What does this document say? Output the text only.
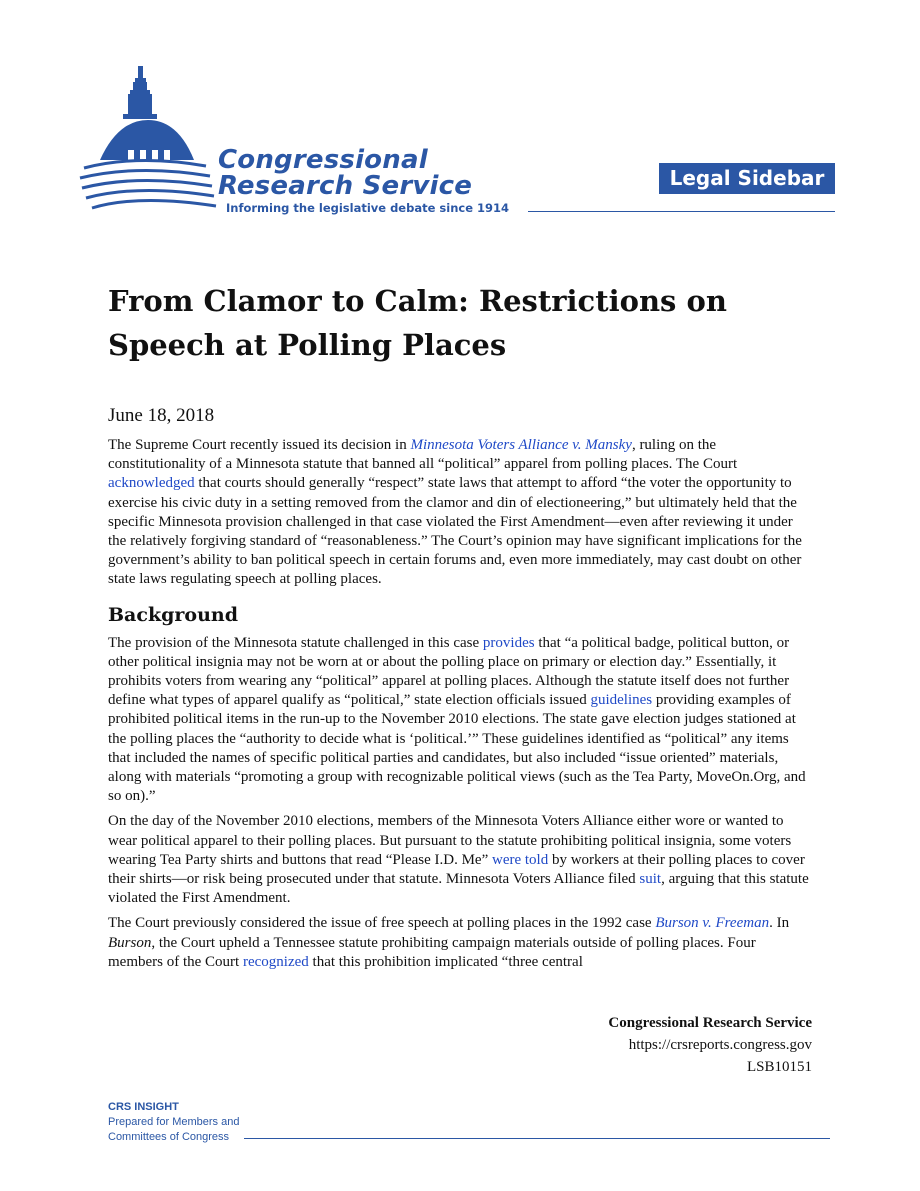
Congressional
Research Service
Informing the legislative debate since 1914
Legal Sidebar
From Clamor to Calm: Restrictions on Speech at Polling Places

June 18, 2018

The Supreme Court recently issued its decision in Minnesota Voters Alliance v. Mansky, ruling on the constitutionality of a Minnesota statute that banned all “political” apparel from polling places. The Court acknowledged that courts should generally “respect” state laws that attempt to afford “the voter the opportunity to exercise his civic duty in a setting removed from the clamor and din of electioneering,” but ultimately held that the specific Minnesota provision challenged in that case violated the First Amendment—even after reviewing it under the relatively forgiving standard of “reasonableness.” The Court’s opinion may have significant implications for the government’s ability to ban political speech in certain forums and, even more immediately, may cast doubt on other state laws regulating speech at polling places.

Background

The provision of the Minnesota statute challenged in this case provides that “a political badge, political button, or other political insignia may not be worn at or about the polling place on primary or election day.” Essentially, it prohibits voters from wearing any “political” apparel at polling places. Although the statute itself does not further define what types of apparel qualify as “political,” state election officials issued guidelines providing examples of prohibited political items in the run-up to the November 2010 elections. The state gave election judges stationed at the polling places the “authority to decide what is ‘political.’” These guidelines identified as “political” any items that included the names of specific political parties and candidates, but also included “issue oriented” materials, along with materials “promoting a group with recognizable political views (such as the Tea Party, MoveOn.Org, and so on).”

On the day of the November 2010 elections, members of the Minnesota Voters Alliance either wore or wanted to wear political apparel to their polling places. But pursuant to the statute prohibiting political insignia, some voters wearing Tea Party shirts and buttons that read “Please I.D. Me” were told by workers at their polling places to cover their shirts—or risk being prosecuted under that statute. Minnesota Voters Alliance filed suit, arguing that this statute violated the First Amendment.

The Court previously considered the issue of free speech at polling places in the 1992 case Burson v. Freeman. In Burson, the Court upheld a Tennessee statute prohibiting campaign materials outside of polling places. Four members of the Court recognized that this prohibition implicated “three central

Congressional Research Service
https://crsreports.congress.gov
LSB10151
CRS INSIGHT
Prepared for Members and
Committees of Congress
